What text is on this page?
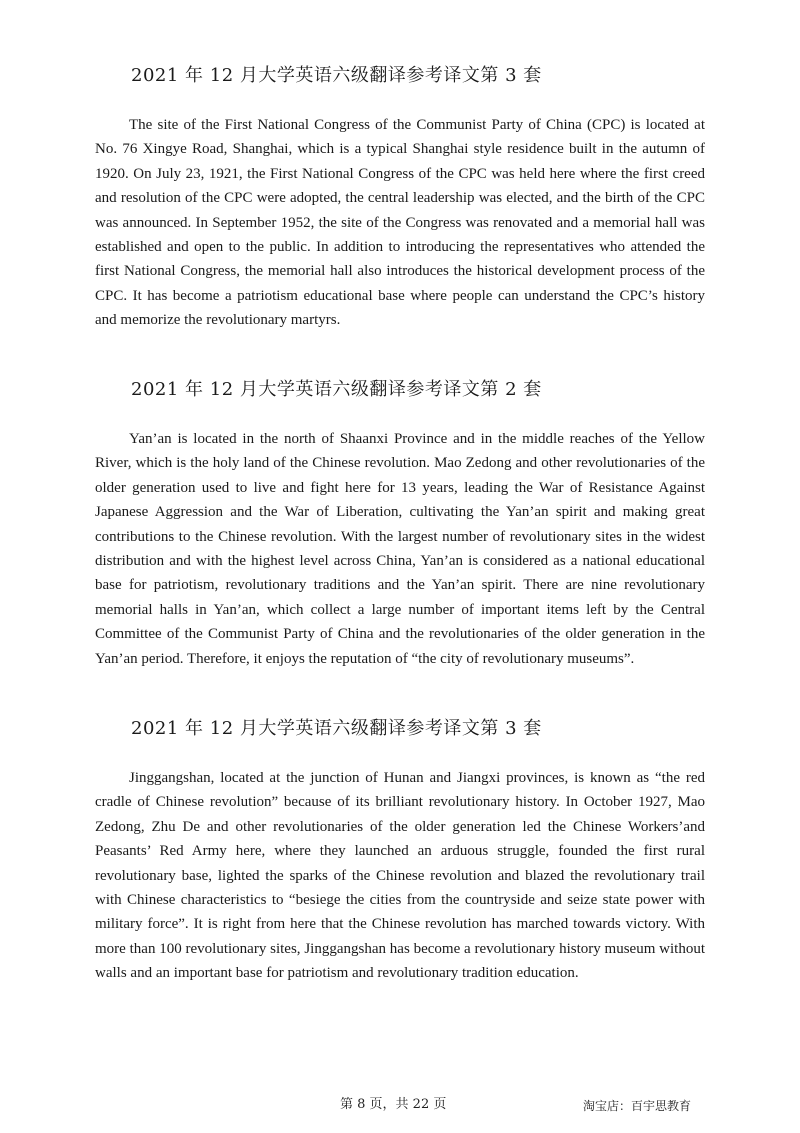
2021 年 12 月大学英语六级翻译参考译文第 3 套

The site of the First National Congress of the Communist Party of China (CPC) is located at No. 76 Xingye Road, Shanghai, which is a typical Shanghai style residence built in the autumn of 1920. On July 23, 1921, the First National Congress of the CPC was held here where the first creed and resolution of the CPC were adopted, the central leadership was elected, and the birth of the CPC was announced. In September 1952, the site of the Congress was renovated and a memorial hall was established and open to the public. In addition to introducing the representatives who attended the first National Congress, the memorial hall also introduces the historical development process of the CPC. It has become a patriotism educational base where people can understand the CPC’s history and memorize the revolutionary martyrs.

2021 年 12 月大学英语六级翻译参考译文第 2 套

Yan’an is located in the north of Shaanxi Province and in the middle reaches of the Yellow River, which is the holy land of the Chinese revolution. Mao Zedong and other revolutionaries of the older generation used to live and fight here for 13 years, leading the War of Resistance Against Japanese Aggression and the War of Liberation, cultivating the Yan’an spirit and making great contributions to the Chinese revolution. With the largest number of revolutionary sites in the widest distribution and with the highest level across China, Yan’an is considered as a national educational base for patriotism, revolutionary traditions and the Yan’an spirit. There are nine revolutionary memorial halls in Yan’an, which collect a large number of important items left by the Central Committee of the Communist Party of China and the revolutionaries of the older generation in the Yan’an period. Therefore, it enjoys the reputation of “the city of revolutionary museums”.

2021 年 12 月大学英语六级翻译参考译文第 3 套

Jinggangshan, located at the junction of Hunan and Jiangxi provinces, is known as “the red cradle of Chinese revolution” because of its brilliant revolutionary history. In October 1927, Mao Zedong, Zhu De and other revolutionaries of the older generation led the Chinese Workers’and Peasants’ Red Army here, where they launched an arduous struggle, founded the first rural revolutionary base, lighted the sparks of the Chinese revolution and blazed the revolutionary trail with Chinese characteristics to “besiege the cities from the countryside and seize state power with military force”. It is right from here that the Chinese revolution has marched towards victory. With more than 100 revolutionary sites, Jinggangshan has become a revolutionary history museum without walls and an important base for patriotism and revolutionary tradition education.

第 8 页，共 22 页	淘宝店：百宇思教育
